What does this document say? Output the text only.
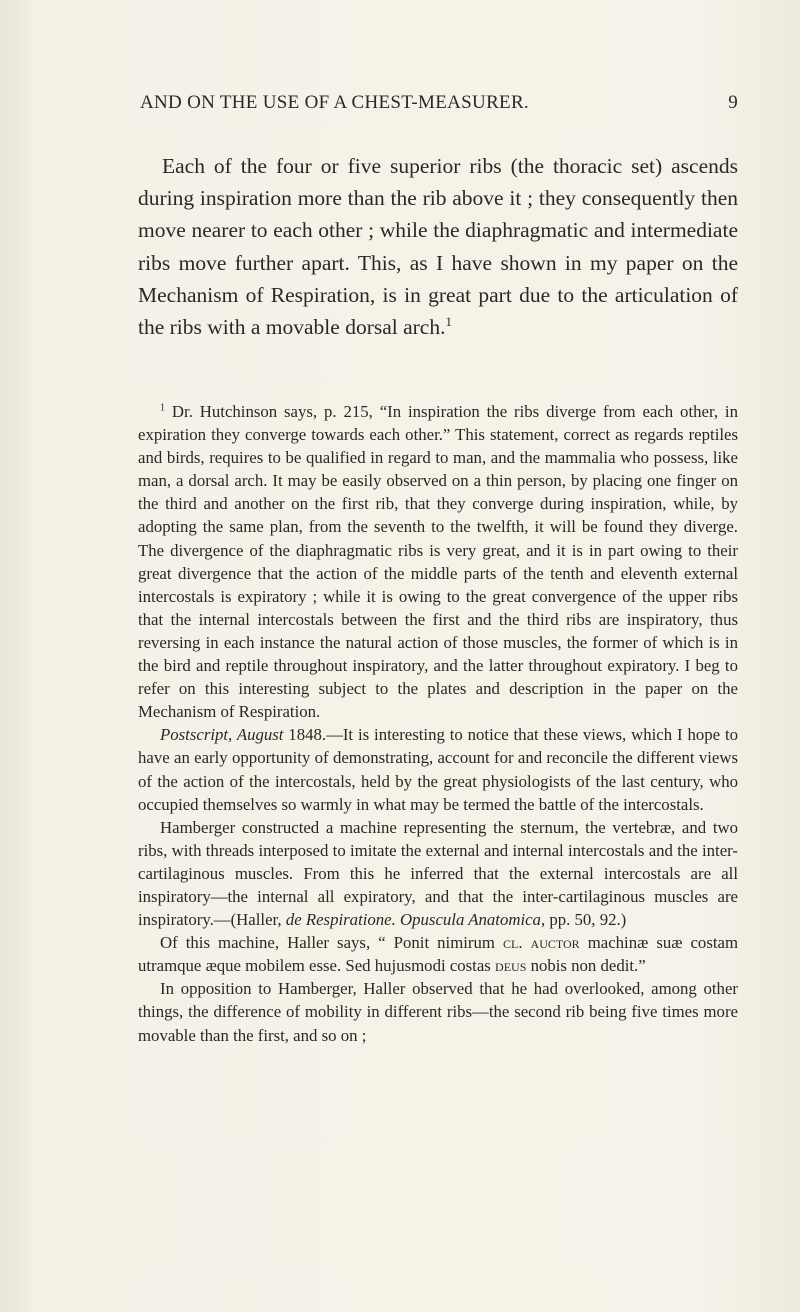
AND ON THE USE OF A CHEST-MEASURER.	9

Each of the four or five superior ribs (the thoracic set) ascends during inspiration more than the rib above it ; they consequently then move nearer to each other ; while the diaphragmatic and intermediate ribs move further apart. This, as I have shown in my paper on the Mechanism of Respiration, is in great part due to the articulation of the ribs with a movable dorsal arch.$^1$

$^1$ Dr. Hutchinson says, p. 215, “In inspiration the ribs diverge from each other, in expiration they converge towards each other.” This statement, correct as regards reptiles and birds, requires to be qualified in regard to man, and the mammalia who possess, like man, a dorsal arch. It may be easily observed on a thin person, by placing one finger on the third and another on the first rib, that they converge during inspiration, while, by adopting the same plan, from the seventh to the twelfth, it will be found they diverge. The divergence of the diaphragmatic ribs is very great, and it is in part owing to their great divergence that the action of the middle parts of the tenth and eleventh external intercostals is expiratory ; while it is owing to the great convergence of the upper ribs that the internal intercostals between the first and the third ribs are inspiratory, thus reversing in each instance the natural action of those muscles, the former of which is in the bird and reptile throughout inspiratory, and the latter throughout expiratory. I beg to refer on this interesting subject to the plates and description in the paper on the Mechanism of Respiration.

Postscript, August 1848.—It is interesting to notice that these views, which I hope to have an early opportunity of demonstrating, account for and reconcile the different views of the action of the intercostals, held by the great physiologists of the last century, who occupied themselves so warmly in what may be termed the battle of the intercostals.

Hamberger constructed a machine representing the sternum, the vertebræ, and two ribs, with threads interposed to imitate the external and internal intercostals and the inter-cartilaginous muscles. From this he inferred that the external intercostals are all inspiratory—the internal all expiratory, and that the inter-cartilaginous muscles are inspiratory.—(Haller, de Respiratione. Opuscula Anatomica, pp. 50, 92.)

Of this machine, Haller says, “ Ponit nimirum cl. auctor machinæ suæ costam utramque æque mobilem esse. Sed hujusmodi costas deus nobis non dedit.”

In opposition to Hamberger, Haller observed that he had overlooked, among other things, the difference of mobility in different ribs—the second rib being five times more movable than the first, and so on ;
